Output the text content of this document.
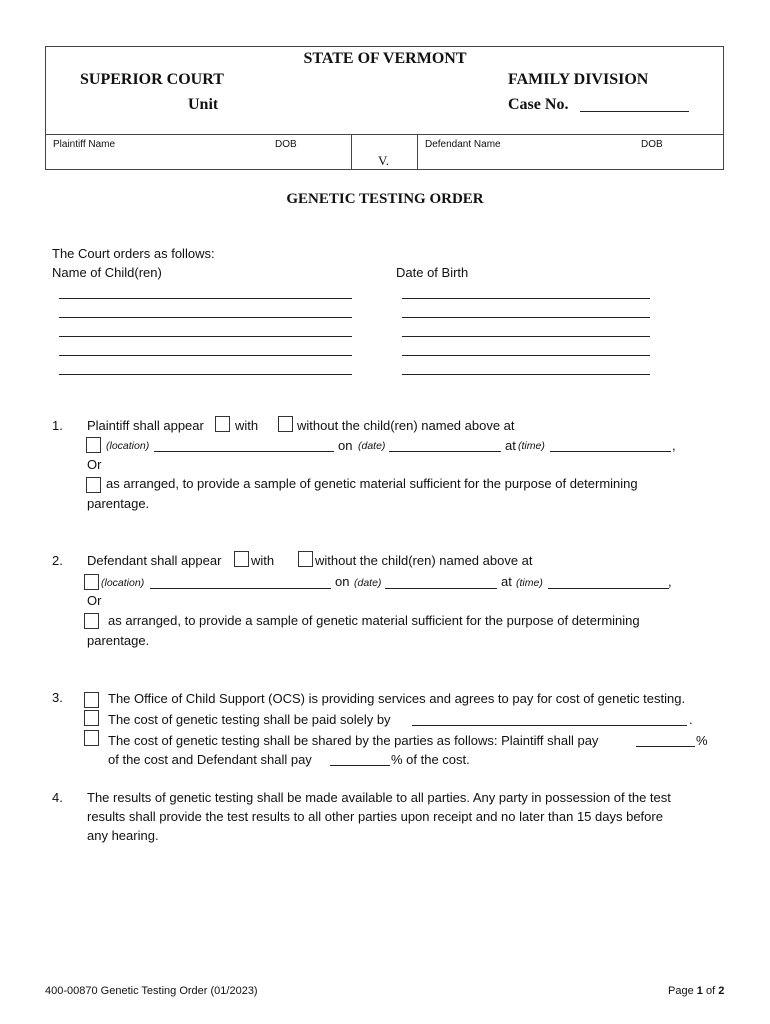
STATE OF VERMONT
SUPERIOR COURT
Unit
FAMILY DIVISION
Case No.
Plaintiff Name	DOB
V.
Defendant Name	DOB
GENETIC TESTING ORDER
The Court orders as follows:
Name of Child(ren)	Date of Birth
1. Plaintiff shall appear with	without the child(ren) named above at
(location)	on (date)	at (time)	,
Or
as arranged, to provide a sample of genetic material sufficient for the purpose of determining
parentage.
2. Defendant shall appear with	without the child(ren) named above at
(location)	on (date)	at (time)	,
Or
as arranged, to provide a sample of genetic material sufficient for the purpose of determining
parentage.
3.	The Office of Child Support (OCS) is providing services and agrees to pay for cost of genetic testing.
The cost of genetic testing shall be paid solely by	.
The cost of genetic testing shall be shared by the parties as follows: Plaintiff shall pay	%
of the cost and Defendant shall pay	% of the cost.
4. The results of genetic testing shall be made available to all parties. Any party in possession of the test
results shall provide the test results to all other parties upon receipt and no later than 15 days before
any hearing.
400-00870 Genetic Testing Order (01/2023)	Page 1 of 2
